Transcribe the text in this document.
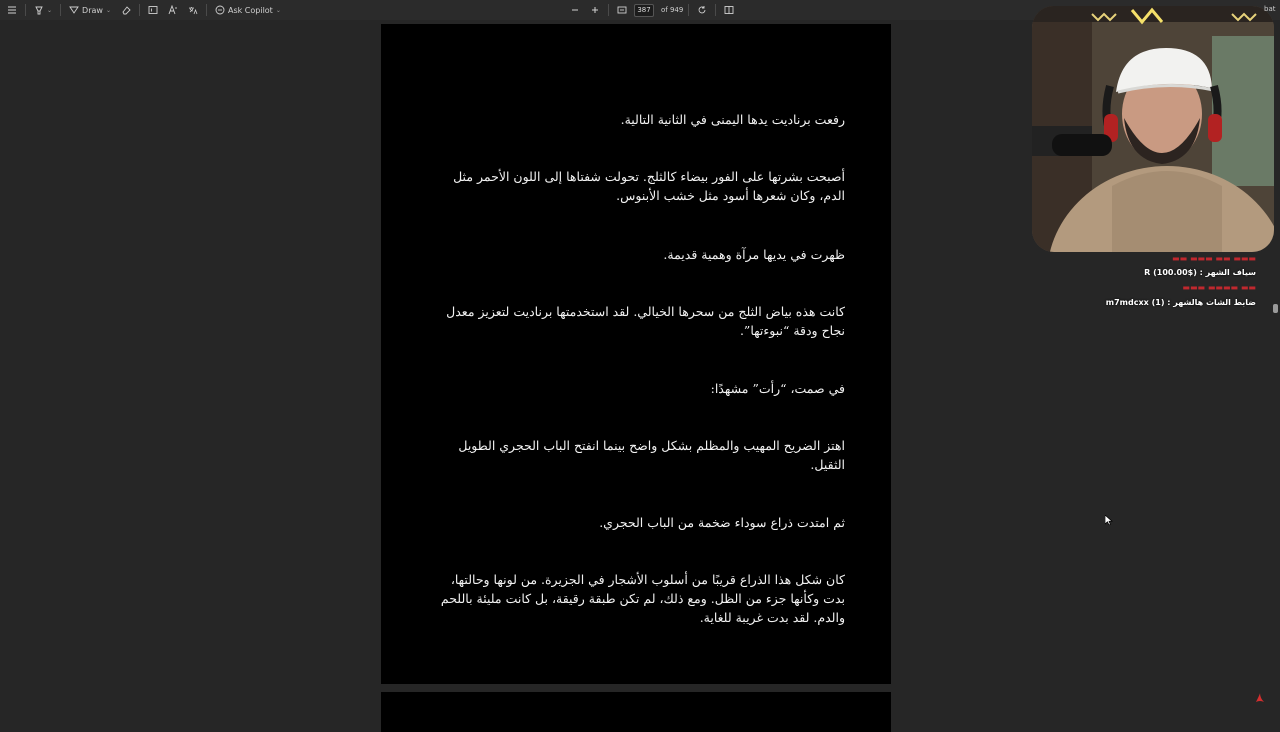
⌄	Draw ⌄	Ask Copilot ⌄
387	of 949

رفعت برناديت يدها اليمنى في الثانية التالية.

أصبحت بشرتها على الفور بيضاء كالثلج. تحولت شفتاها إلى اللون الأحمر مثل الدم، وكان شعرها أسود مثل خشب الأبنوس.

ظهرت في يديها مرآة وهمية قديمة.

كانت هذه بياض الثلج من سحرها الخيالي. لقد استخدمتها برناديت لتعزيز معدل نجاح ودقة “نبوءتها”.

في صمت، “رأت” مشهدًا:

اهتز الضريح المهيب والمظلم بشكل واضح بينما انفتح الباب الحجري الطويل الثقيل.

ثم امتدت ذراع سوداء ضخمة من الباب الحجري.

كان شكل هذا الذراع قريبًا من أسلوب الأشجار في الجزيرة. من لونها وحالتها، بدت وكأنها جزء من الظل. ومع ذلك، لم تكن طبقة رقيقة، بل كانت مليئة باللحم والدم. لقد بدت غريبة للغاية.

▬▬▬ ▬▬ ▬▬▬ ▬▬
سياف الشهر : ($100.00) R
▬▬ ▬▬▬▬ ▬▬▬
ضابط الشات هالشهر : (1) m7mdcxx
bat
